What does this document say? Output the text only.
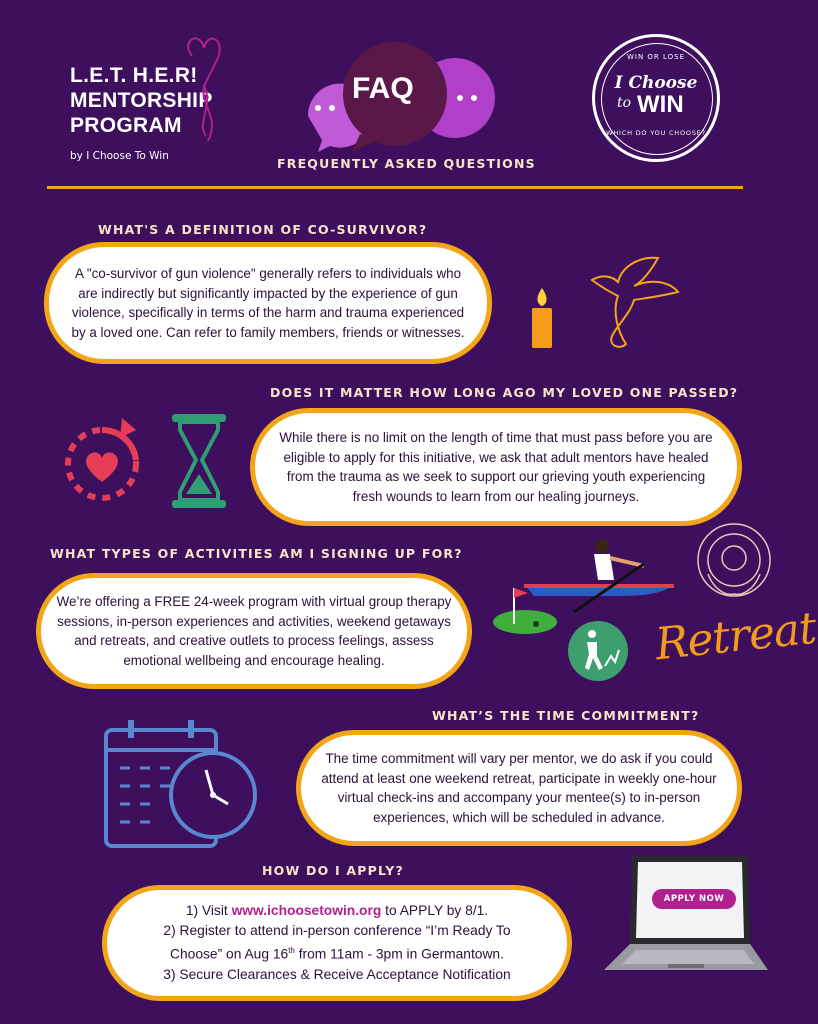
L.E.T. H.E.R!
MENTORSHIP
PROGRAM
by I Choose To Win
FAQ
FREQUENTLY ASKED QUESTIONS
WIN OR LOSE
I Choose
to WIN
WHICH DO YOU CHOOSE?
WHAT'S A DEFINITION OF CO-SURVIVOR?
A "co-survivor of gun violence" generally refers to individuals who are indirectly but significantly impacted by the experience of gun violence, specifically in terms of the harm and trauma experienced by a loved one. Can refer to family members, friends or witnesses.
DOES IT MATTER HOW LONG AGO MY LOVED ONE PASSED?
While there is no limit on the length of time that must pass before you are eligible to apply for this initiative, we ask that adult mentors have healed from the trauma as we seek to support our grieving youth experiencing fresh wounds to learn from our healing journeys.
WHAT TYPES OF ACTIVITIES AM I SIGNING UP FOR?
We’re offering a FREE 24-week program with virtual group therapy sessions, in-person experiences and activities, weekend getaways and retreats, and creative outlets to process feelings, assess emotional wellbeing and encourage healing.	Retreat
WHAT’S THE TIME COMMITMENT?
The time commitment will vary per mentor, we do ask if you could attend at least one weekend retreat, participate in weekly one-hour virtual check-ins and accompany your mentee(s) to in-person experiences, which will be scheduled in advance.
HOW DO I APPLY?
1) Visit www.ichoosetowin.org to APPLY by 8/1.
2) Register to attend in-person conference “I’m Ready To
Choose” on Aug 16th from 11am - 3pm in Germantown.
3) Secure Clearances & Receive Acceptance Notification
APPLY NOW
